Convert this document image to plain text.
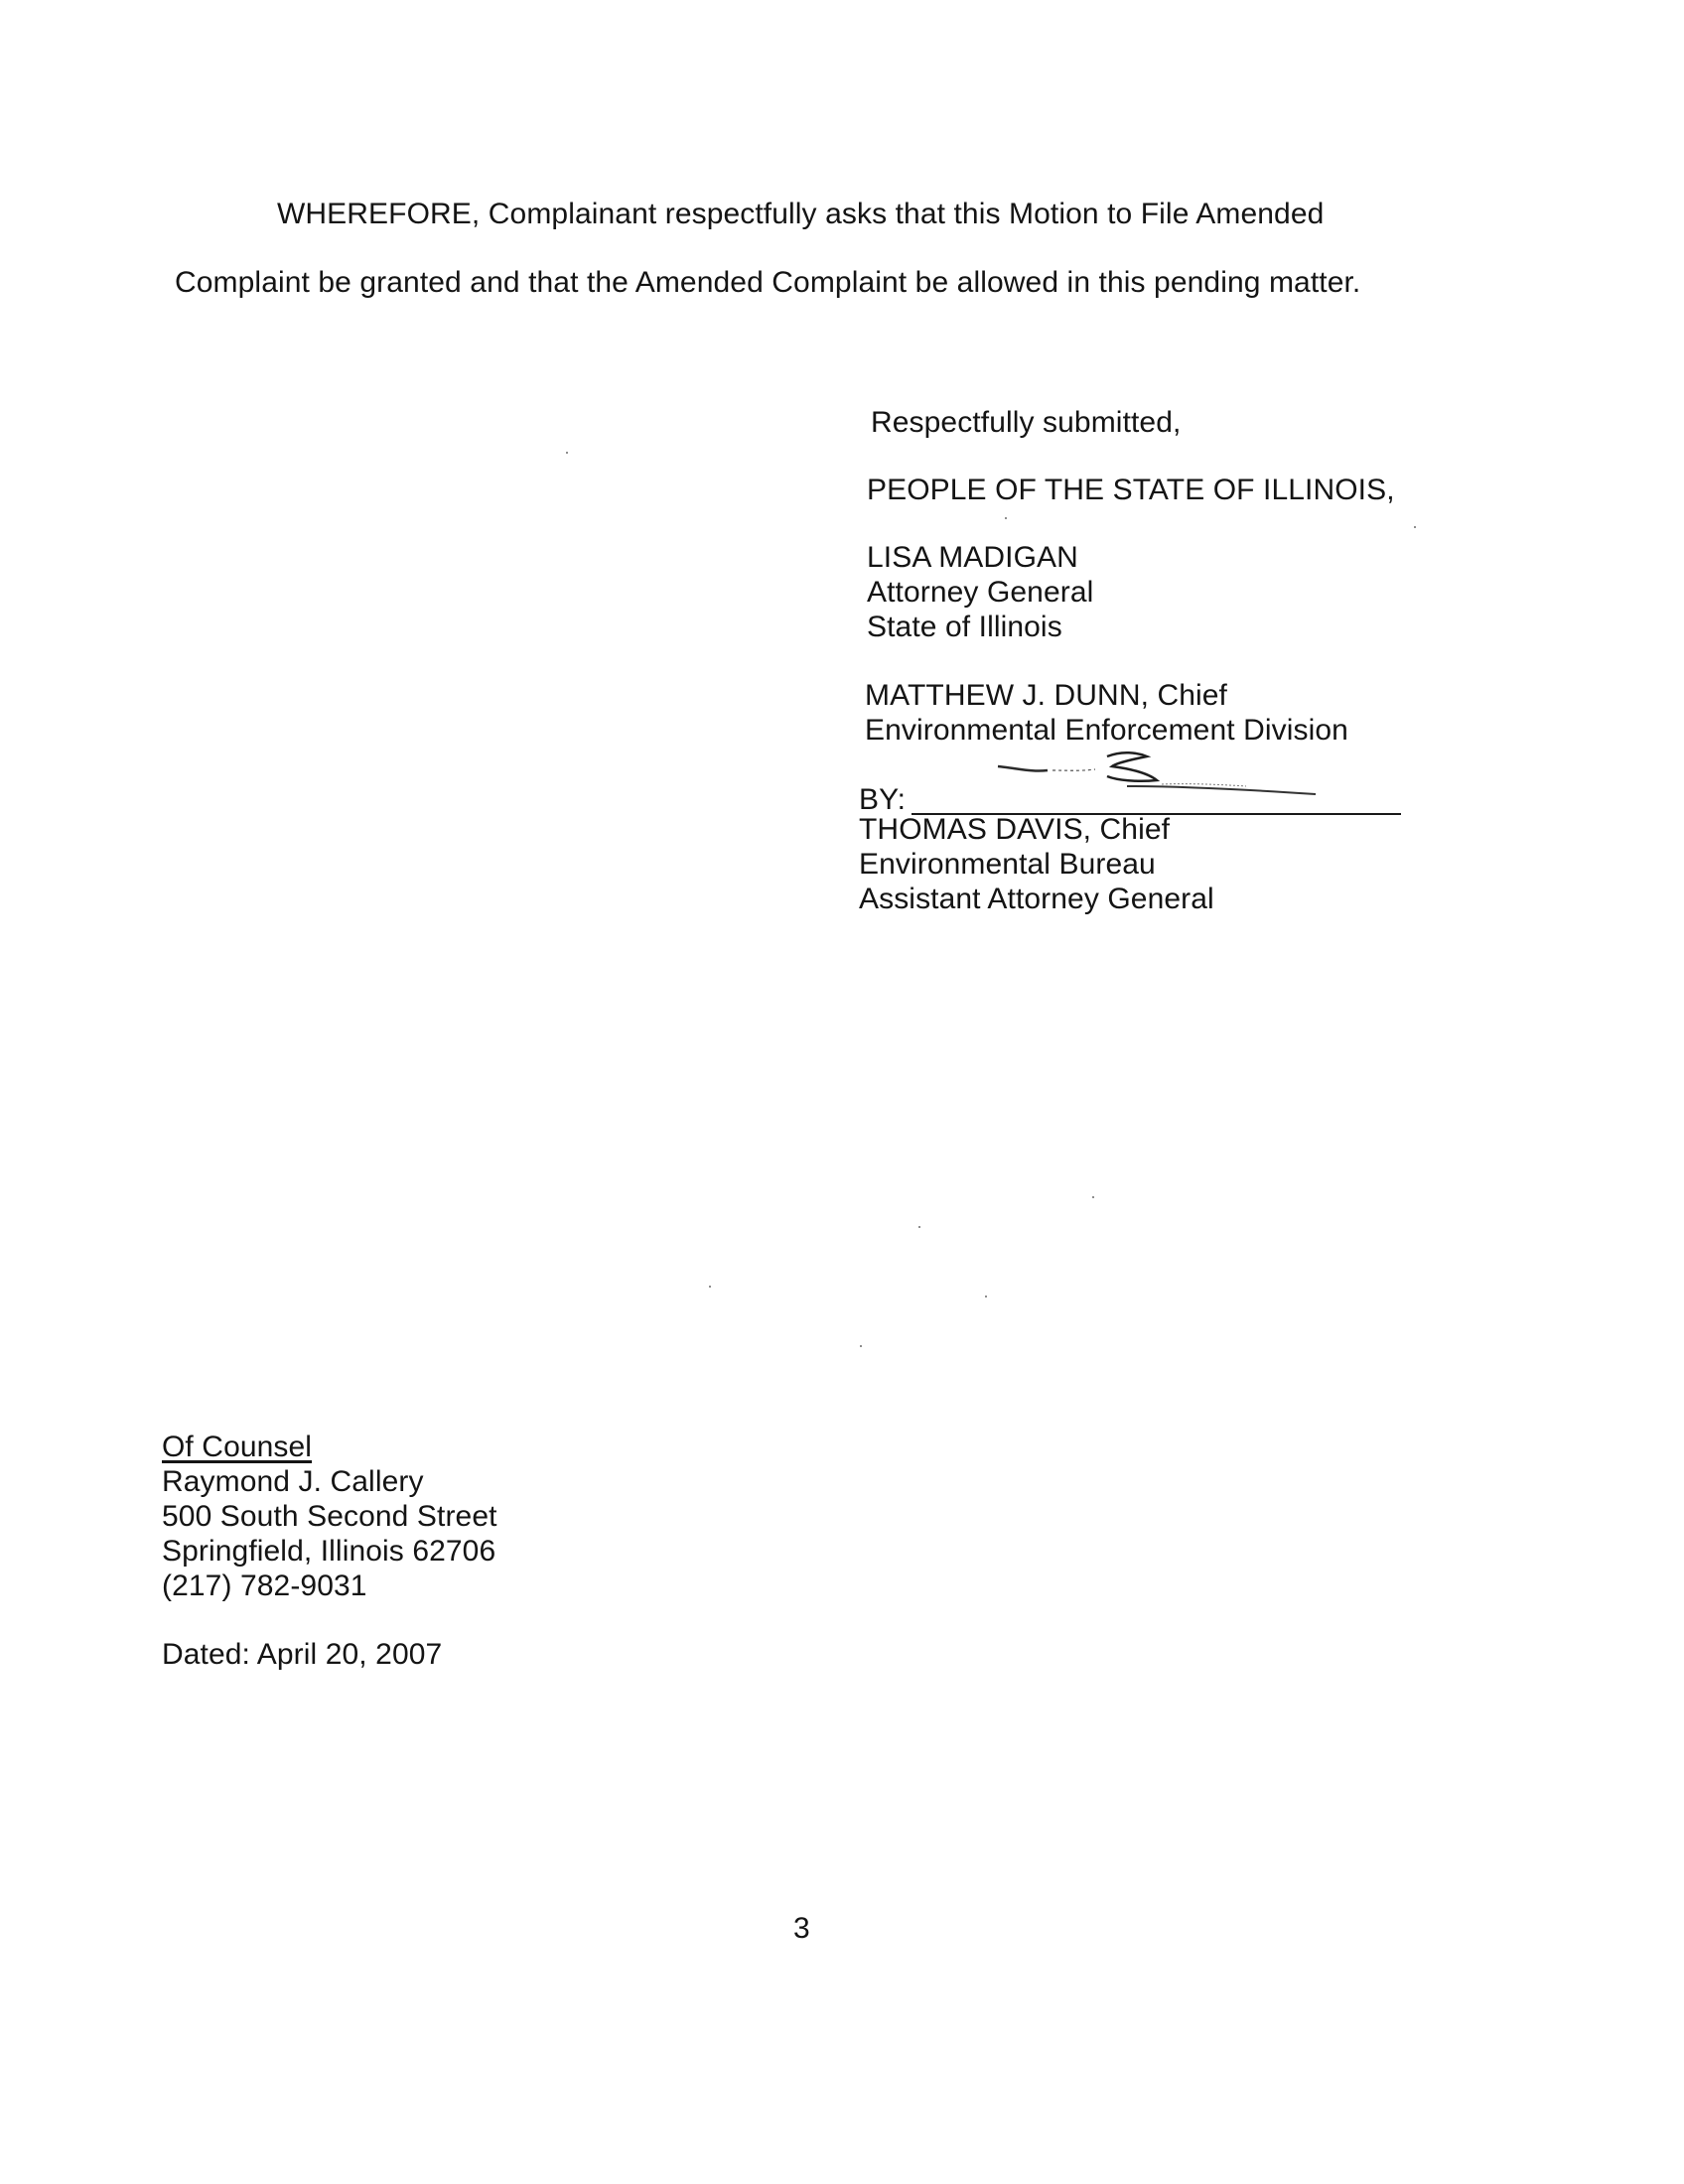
WHEREFORE, Complainant respectfully asks that this Motion to File Amended
Complaint be granted and that the Amended Complaint be allowed in this pending matter.
Respectfully submitted,
PEOPLE OF THE STATE OF ILLINOIS,
LISA MADIGAN
Attorney General
State of Illinois
MATTHEW J. DUNN, Chief
Environmental Enforcement Division
BY:
THOMAS DAVIS, Chief
Environmental Bureau
Assistant Attorney General
Of Counsel
Raymond J. Callery
500 South Second Street
Springfield, Illinois 62706
(217) 782-9031
Dated: April 20, 2007
3
